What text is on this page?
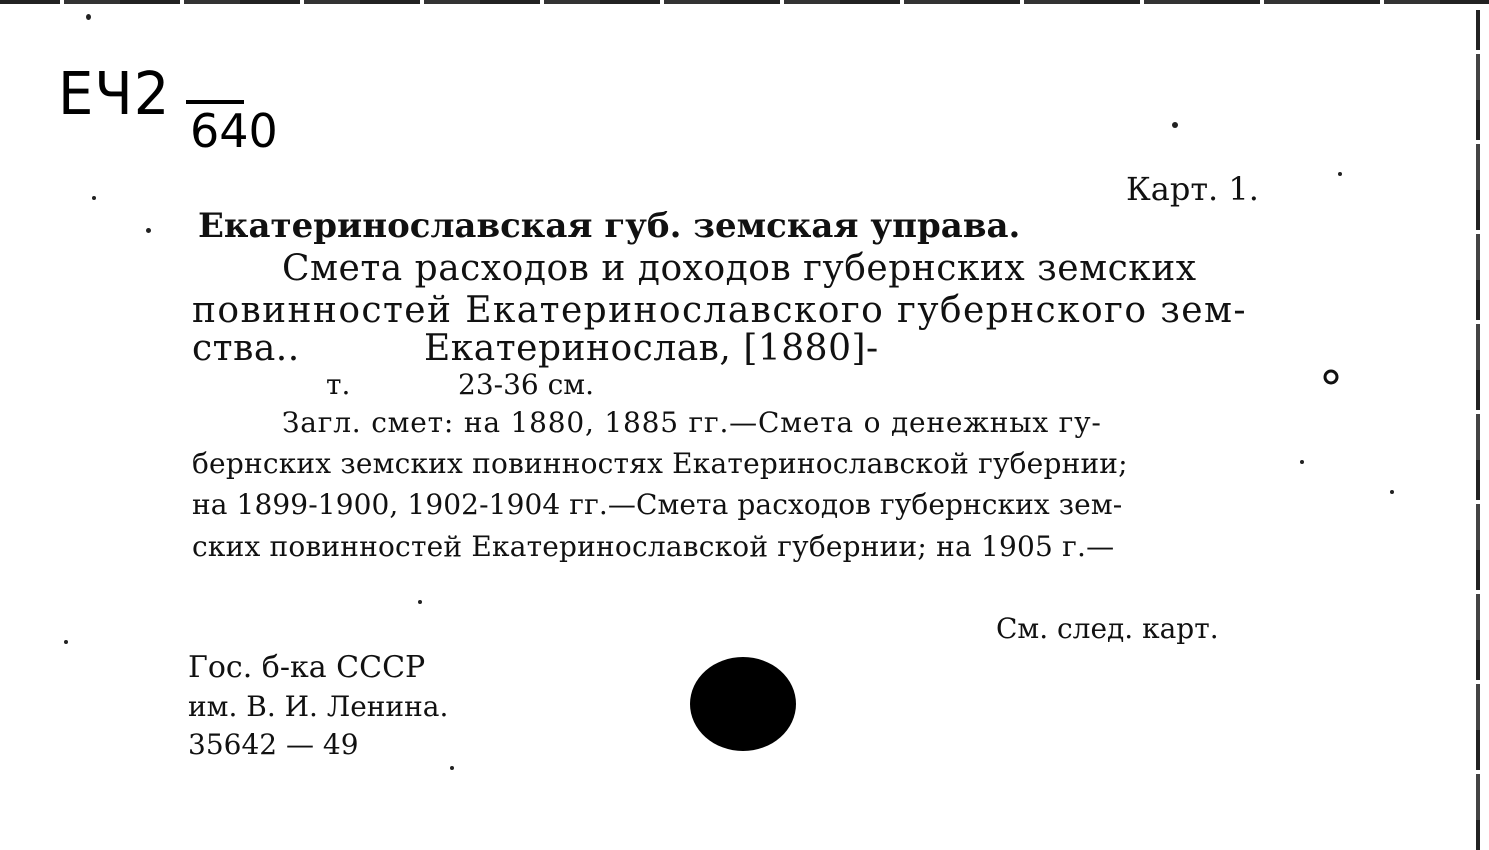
ЕЧ2
640
Карт. 1.
Екатеринославская губ. земская управа.
Смета расходов и доходов губернских земских
повинностей Екатеринославского губернского зем-
ства..	Екатеринослав, [1880]-
т.	23-36 см.
Загл. смет: на 1880, 1885 гг.—Смета о денежных гу-
бернских земских повинностях Екатеринославской губернии;
на 1899-1900, 1902-1904 гг.—Смета расходов губернских зем-
ских повинностей Екатеринославской губернии; на 1905 г.—
См. след. карт.
Гос. б-ка СССР
им. В. И. Ленина.
35642 — 49
